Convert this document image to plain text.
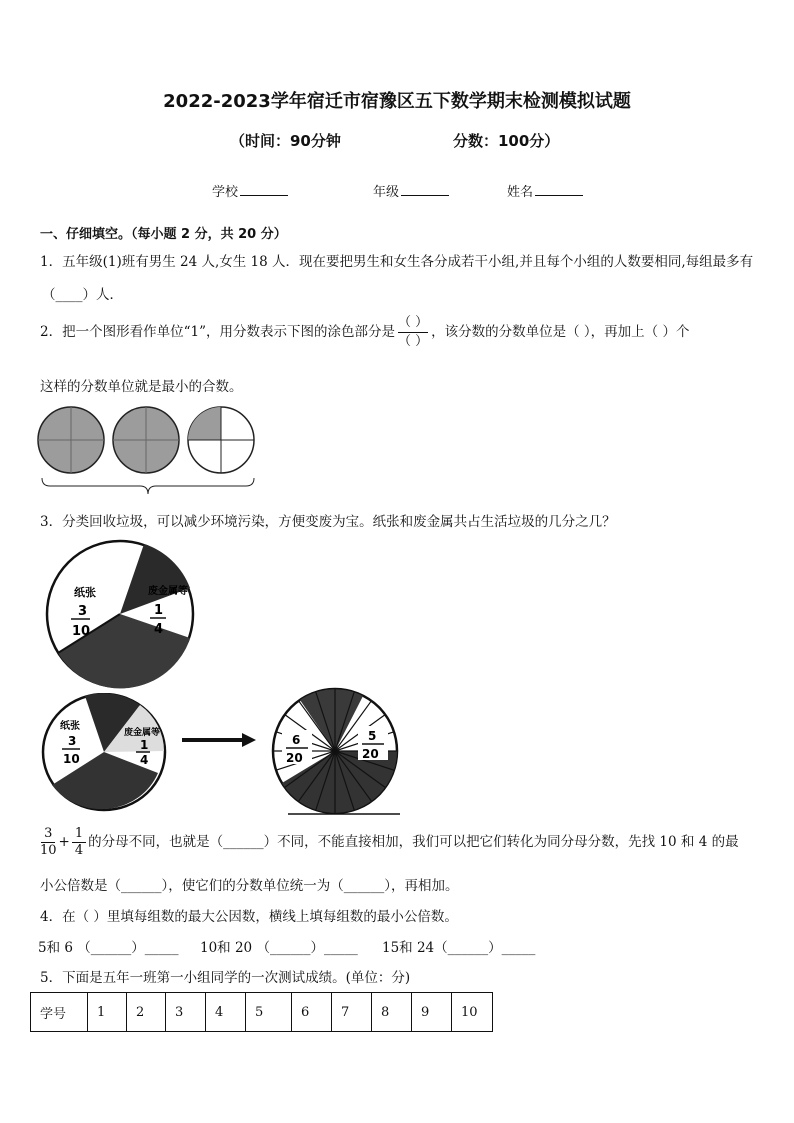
2022-2023学年宿迁市宿豫区五下数学期末检测模拟试题
（时间：90分钟	分数：100分）
学校	年级	姓名
一、仔细填空。（每小题 2 分，共 20 分）
1．五年级(1)班有男生 24 人,女生 18 人．现在要把男生和女生各分成若干小组,并且每个小组的人数要相同,每组最多有
（____）人．
2．把一个图形看作单位“1”，用分数表示下图的涂色部分是
（ ）
（ ）
，该分数的分数单位是（ ），再加上（ ）个
这样的分数单位就是最小的合数。
3．分类回收垃圾，可以减少环境污染，方便变废为宝。纸张和废金属共占生活垃圾的几分之几？
纸张
3
10
废金属等
1
4
纸张
3
10
废金属等
1
4
6
20
5
20
$\frac{3}{10} + \frac{1}{4}$ 的分母不同，也就是（______）不同，不能直接相加，我们可以把它们转化为同分母分数，先找 10 和 4 的最
小公倍数是（______），使它们的分数单位统一为（______），再相加。
4．在（ ）里填每组数的最大公因数，横线上填每组数的最小公倍数。
5和 6 （______）_____ 10和 20 （______）_____ 15和 24（______）_____
5．下面是五年一班第一小组同学的一次测试成绩。(单位：分)
学号	1	2	3	4	5	6	7	8	9	10
